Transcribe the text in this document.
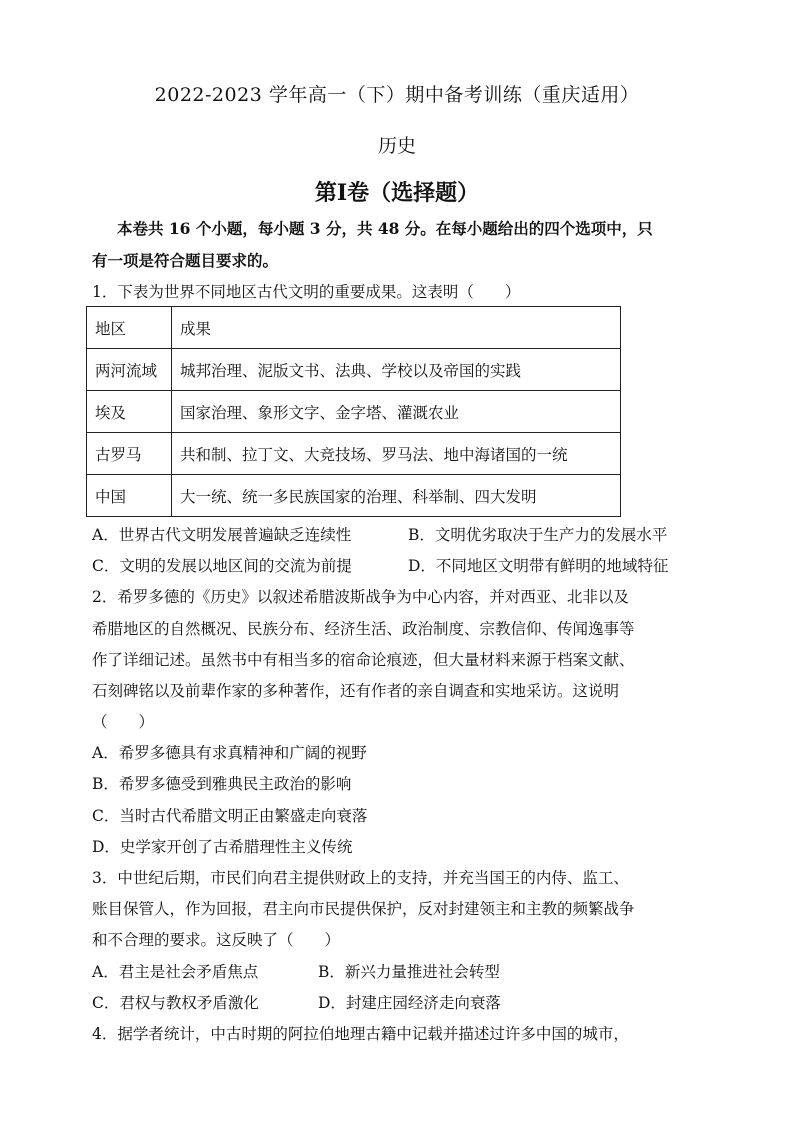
2022-2023 学年高一（下）期中备考训练（重庆适用）
历史
第Ⅰ卷（选择题）
本卷共 16 个小题，每小题 3 分，共 48 分。在每小题给出的四个选项中，只
有一项是符合题目要求的。
1．下表为世界不同地区古代文明的重要成果。这表明（　　）
地区	成果
两河流域	城邦治理、泥版文书、法典、学校以及帝国的实践
埃及	国家治理、象形文字、金字塔、灌溉农业
古罗马	共和制、拉丁文、大竞技场、罗马法、地中海诸国的一统
中国	大一统、统一多民族国家的治理、科举制、四大发明
A．世界古代文明发展普遍缺乏连续性	B．文明优劣取决于生产力的发展水平
C．文明的发展以地区间的交流为前提	D．不同地区文明带有鲜明的地域特征
2．希罗多德的《历史》以叙述希腊波斯战争为中心内容，并对西亚、北非以及
希腊地区的自然概况、民族分布、经济生活、政治制度、宗教信仰、传闻逸事等
作了详细记述。虽然书中有相当多的宿命论痕迹，但大量材料来源于档案文献、
石刻碑铭以及前辈作家的多种著作，还有作者的亲自调查和实地采访。这说明
（　　）
A．希罗多德具有求真精神和广阔的视野
B．希罗多德受到雅典民主政治的影响
C．当时古代希腊文明正由繁盛走向衰落
D．史学家开创了古希腊理性主义传统
3．中世纪后期，市民们向君主提供财政上的支持，并充当国王的内侍、监工、
账目保管人，作为回报，君主向市民提供保护，反对封建领主和主教的频繁战争
和不合理的要求。这反映了（　　）
A．君主是社会矛盾焦点	B．新兴力量推进社会转型
C．君权与教权矛盾激化	D．封建庄园经济走向衰落
4．据学者统计，中古时期的阿拉伯地理古籍中记载并描述过许多中国的城市，
